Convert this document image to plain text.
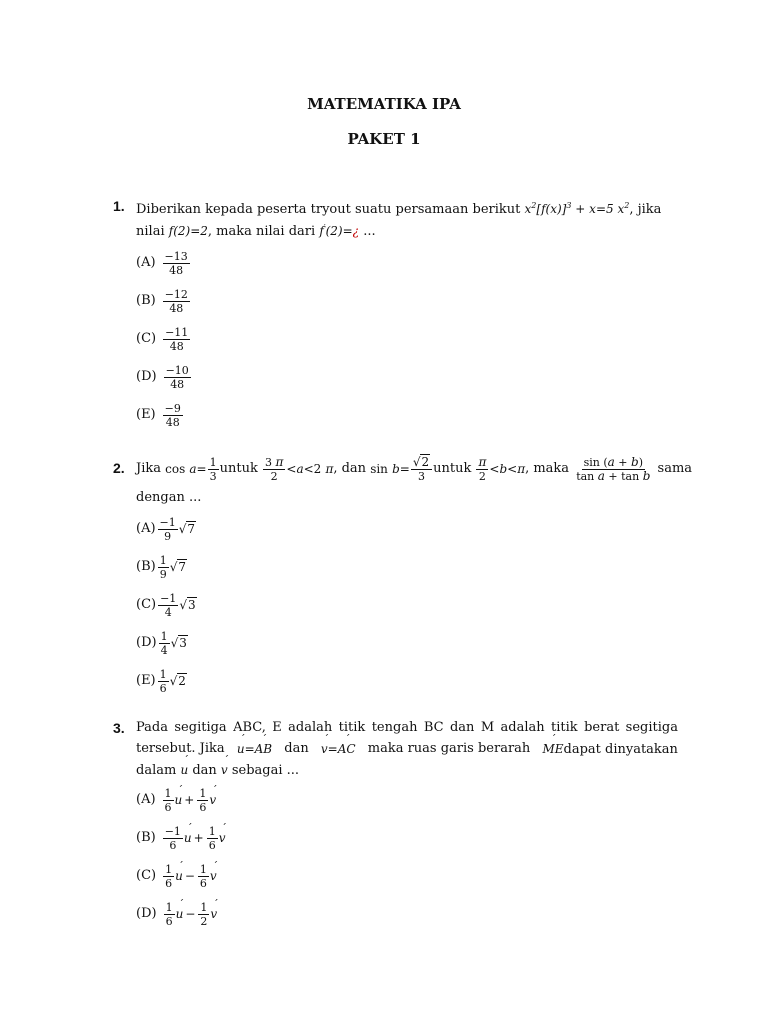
MATEMATIKA IPA
PAKET 1
1. Diberikan kepada peserta tryout suatu persamaan berikut $x^2[f(x)]^3 + x=5$ $x^2$, jika
nilai f(2)=2, maka nilai dari f′(2)=¿ ...
$(A) \frac{-13}{48}$
$(B) \frac{-12}{48}$
$(C) \frac{-11}{48}$
$(D) \frac{-10}{48}$
$(E) \frac{-9}{48}$
2. Jika
cos
$a = \frac{1}{3}$ untuk
$\frac{3 \pi}{2} < a <2$
π , dan
sin
$b = \frac{√2}{3}$ untuk
$\frac{\pi}{2} < b < \pi$ , maka
$\frac{\sin (a + b)}{\text{tan a + tan b}}$
sama
dengan ...
$(A) \frac{-1}{9} √7$
$(B) \frac{1}{9} √7$
$(C) \frac{-1}{4} √3$
$(D) \frac{1}{4} √3$
$(E) \frac{1}{6} √2$
3. Pada segitiga ABC, E adalah titik tengah BC dan M adalah titik berat segitiga
tersebut. Jika ´ u=´ AB dan ´ v=´ AC maka ruas garis berarah ´ MEdapat dinyatakan
dalam ´ u dan ´ v sebagai ...
$(A) \frac{1}{6}$ ´ $u + \frac{1}{6}$ ´ v
$(B) \frac{-1}{6}$ ´ $u + \frac{1}{6}$ ´ v
$(C) \frac{1}{6}$ ´ $u - \frac{1}{6}$ ´ v
$(D) \frac{1}{6}$ ´ $u - \frac{1}{2}$ ´ v
